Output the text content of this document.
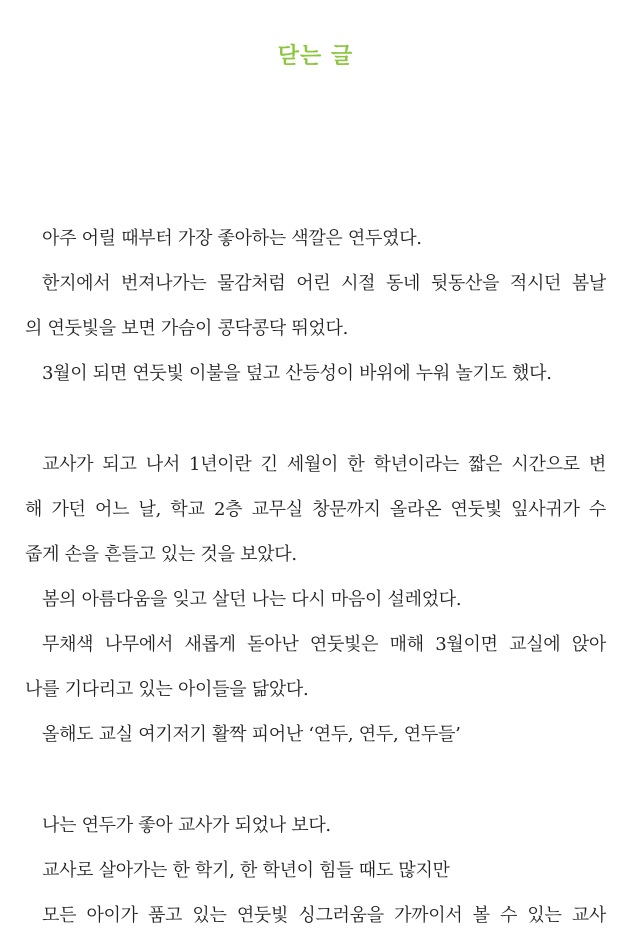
닫는 글
아주 어릴 때부터 가장 좋아하는 색깔은 연두였다.
한지에서 번져나가는 물감처럼 어린 시절 동네 뒷동산을 적시던 봄날
의 연둣빛을 보면 가슴이 콩닥콩닥 뛰었다.
3월이 되면 연둣빛 이불을 덮고 산등성이 바위에 누워 놀기도 했다.
교사가 되고 나서 1년이란 긴 세월이 한 학년이라는 짧은 시간으로 변
해 가던 어느 날, 학교 2층 교무실 창문까지 올라온 연둣빛 잎사귀가 수
줍게 손을 흔들고 있는 것을 보았다.
봄의 아름다움을 잊고 살던 나는 다시 마음이 설레었다.
무채색 나무에서 새롭게 돋아난 연둣빛은 매해 3월이면 교실에 앉아
나를 기다리고 있는 아이들을 닮았다.
올해도 교실 여기저기 활짝 피어난 ‘연두, 연두, 연두들’
나는 연두가 좋아 교사가 되었나 보다.
교사로 살아가는 한 학기, 한 학년이 힘들 때도 많지만
모든 아이가 품고 있는 연둣빛 싱그러움을 가까이서 볼 수 있는 교사
